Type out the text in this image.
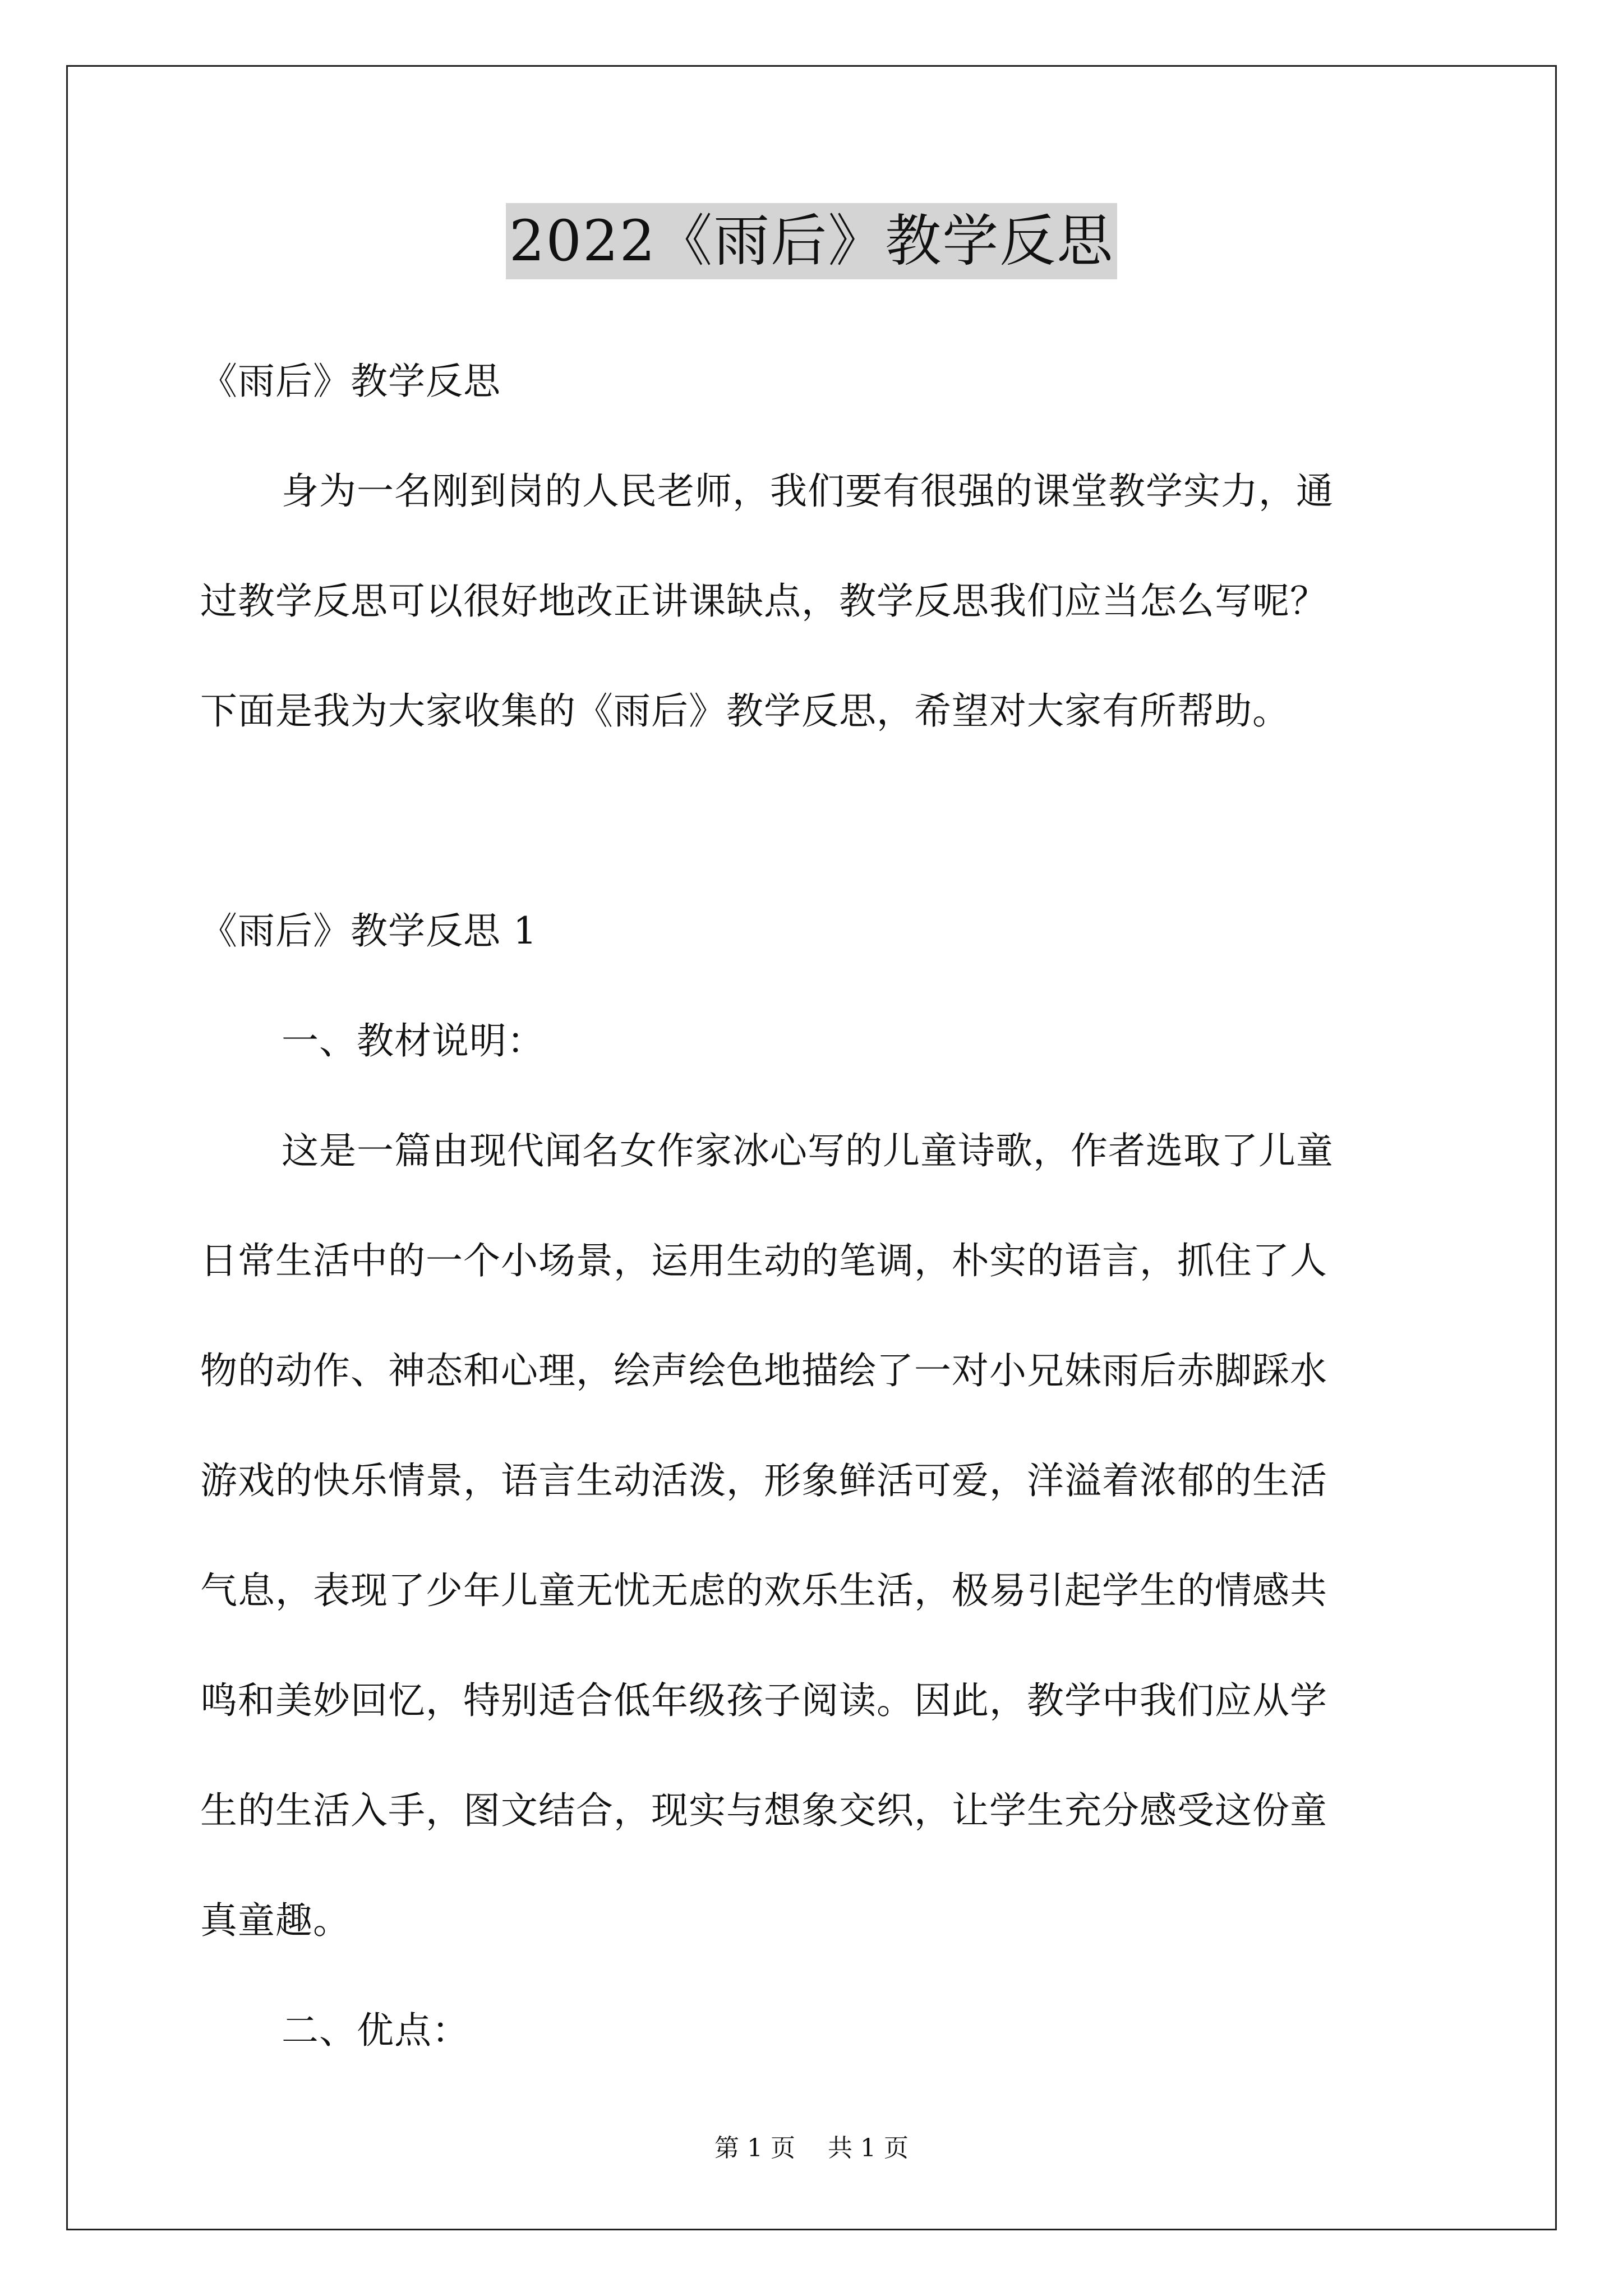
2022《雨后》教学反思
《雨后》教学反思
身为一名刚到岗的人民老师，我们要有很强的课堂教学实力，通
过教学反思可以很好地改正讲课缺点，教学反思我们应当怎么写呢？
下面是我为大家收集的《雨后》教学反思，希望对大家有所帮助。
《雨后》教学反思 1
一、教材说明：
这是一篇由现代闻名女作家冰心写的儿童诗歌，作者选取了儿童
日常生活中的一个小场景，运用生动的笔调，朴实的语言，抓住了人
物的动作、神态和心理，绘声绘色地描绘了一对小兄妹雨后赤脚踩水
游戏的快乐情景，语言生动活泼，形象鲜活可爱，洋溢着浓郁的生活
气息，表现了少年儿童无忧无虑的欢乐生活，极易引起学生的情感共
鸣和美妙回忆，特别适合低年级孩子阅读。因此，教学中我们应从学
生的生活入手，图文结合，现实与想象交织，让学生充分感受这份童
真童趣。
二、优点：
第 1 页 共 1 页
